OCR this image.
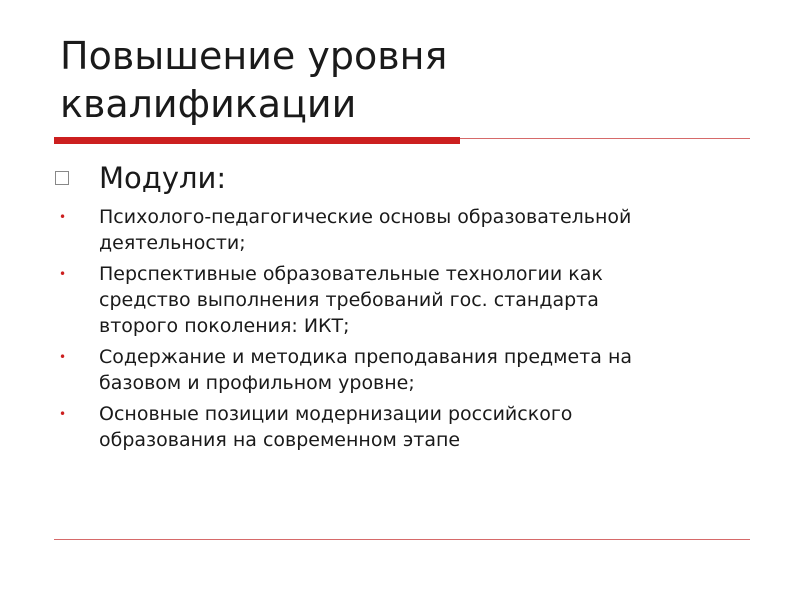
Повышение уровня
квалификации
Модули:
•	Психолого-педагогические основы образовательной
деятельности;
•	Перспективные образовательные технологии как
средство выполнения требований гос. стандарта
второго поколения: ИКТ;
•	Содержание и методика преподавания предмета на
базовом и профильном уровне;
•	Основные позиции модернизации российского
образования на современном этапе
